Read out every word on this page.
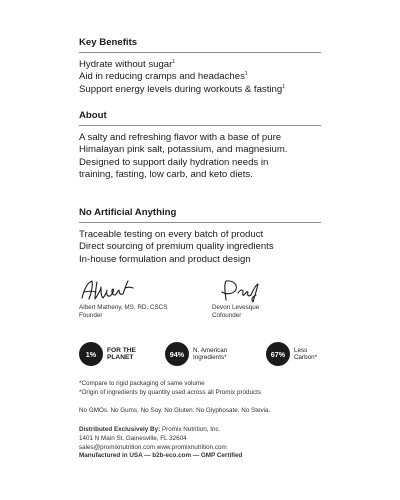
Key Benefits
Hydrate without sugar$^1$
Aid in reducing cramps and headaches$^1$
Support energy levels during workouts & fasting$^1$
About
A salty and refreshing flavor with a base of pure
Himalayan pink salt, potassium, and magnesium.
Designed to support daily hydration needs in
training, fasting, low carb, and keto diets.
No Artificial Anything
Traceable testing on every batch of product
Direct sourcing of premium quality ingredients
In-house formulation and product design
Albert Matheny, MS, RD, CSCS
Founder
Devon Levesque
Cofounder
1%	FOR THE
PLANET	94%	N. American
Ingredients*	67%	Less
Carbon*
*Compare to rigid packaging of same volume
*Origin of ingredients by quantity used across all Promix products
No GMOs. No Gums. No Soy. No Gluten. No Glyphosate. No Stevia.
Distributed Exclusively By: Promix Nutrition, Inc.
1401 N Main St, Gainesville, FL 32604
sales@promixnutrition.com www.promixnutrition.com
Manufactured in USA — b2b-eco.com — GMP Certified
